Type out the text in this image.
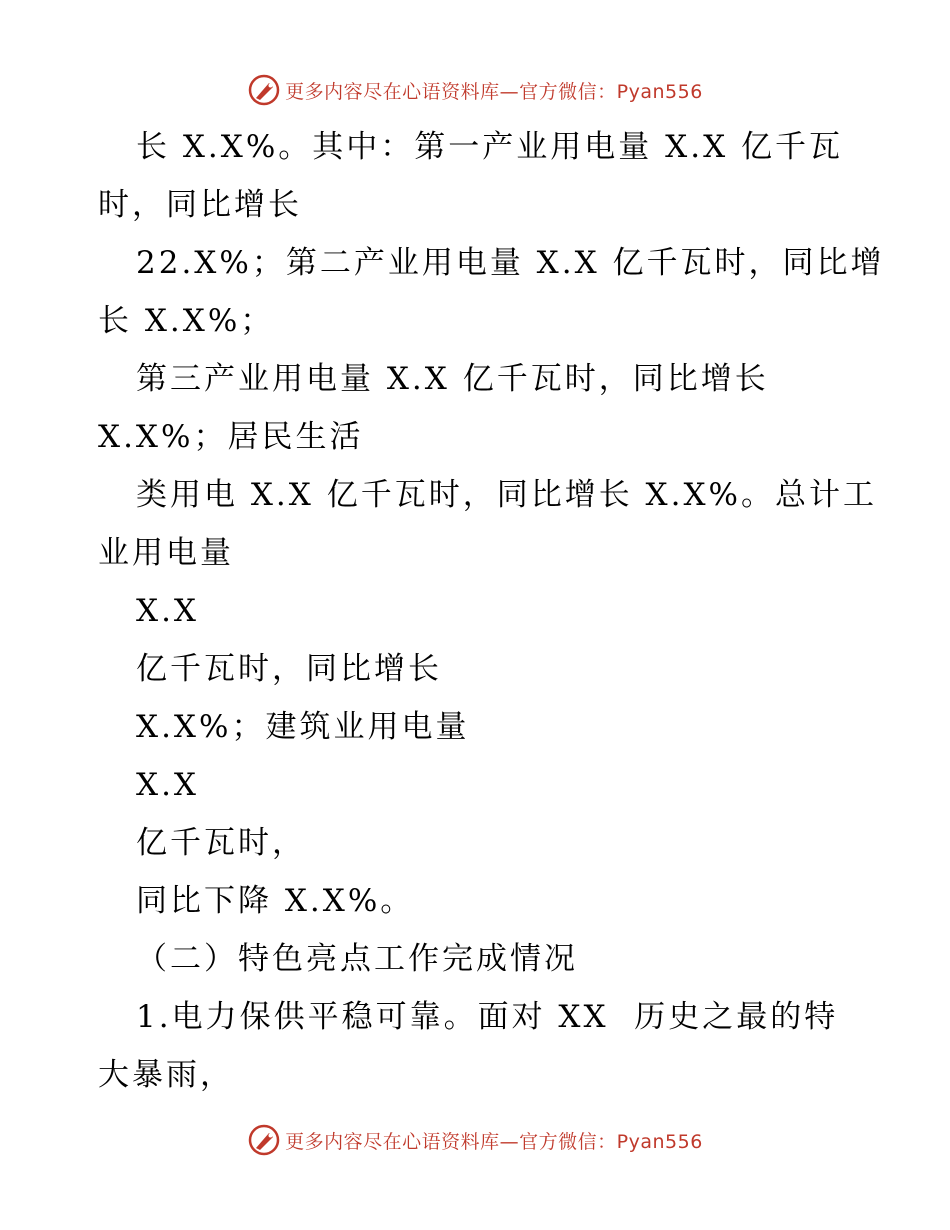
更多内容尽在心语资料库—官方微信：Pyan556
长 X.X%。其中：第一产业用电量 X.X 亿千瓦
时，同比增长
22.X%；第二产业用电量 X.X 亿千瓦时，同比增
长 X.X%；
第三产业用电量 X.X 亿千瓦时，同比增长
X.X%；居民生活
类用电 X.X 亿千瓦时，同比增长 X.X%。总计工
业用电量
X.X
亿千瓦时，同比增长
X.X%；建筑业用电量
X.X
亿千瓦时，
同比下降 X.X%。
（二）特色亮点工作完成情况
1.电力保供平稳可靠。面对 XX  历史之最的特
大暴雨，
更多内容尽在心语资料库—官方微信：Pyan556
